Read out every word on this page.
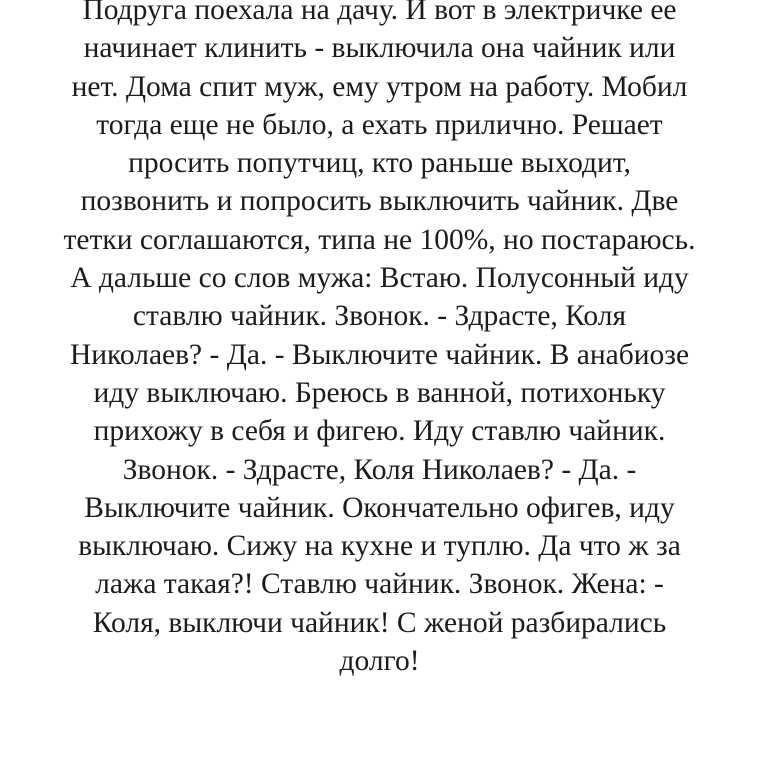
Подруга поехала на дачу. И вот в электричке ее
начинает клинить - выключила она чайник или
нет. Дома спит муж, ему утром на работу. Мобил
тогда еще не было, а ехать прилично. Решает
просить попутчиц, кто раньше выходит,
позвонить и попросить выключить чайник. Две
тетки соглашаются, типа не 100%, но постараюсь.
А дальше со слов мужа: Встаю. Полусонный иду
ставлю чайник. Звонок. - Здрасте, Коля
Николаев? - Да. - Выключите чайник. В анабиозе
иду выключаю. Бреюсь в ванной, потихоньку
прихожу в себя и фигею. Иду ставлю чайник.
Звонок. - Здрасте, Коля Николаев? - Да. -
Выключите чайник. Окончательно офигев, иду
выключаю. Сижу на кухне и туплю. Да что ж за
лажа такая?! Ставлю чайник. Звонок. Жена: -
Коля, выключи чайник! С женой разбирались
долго!
